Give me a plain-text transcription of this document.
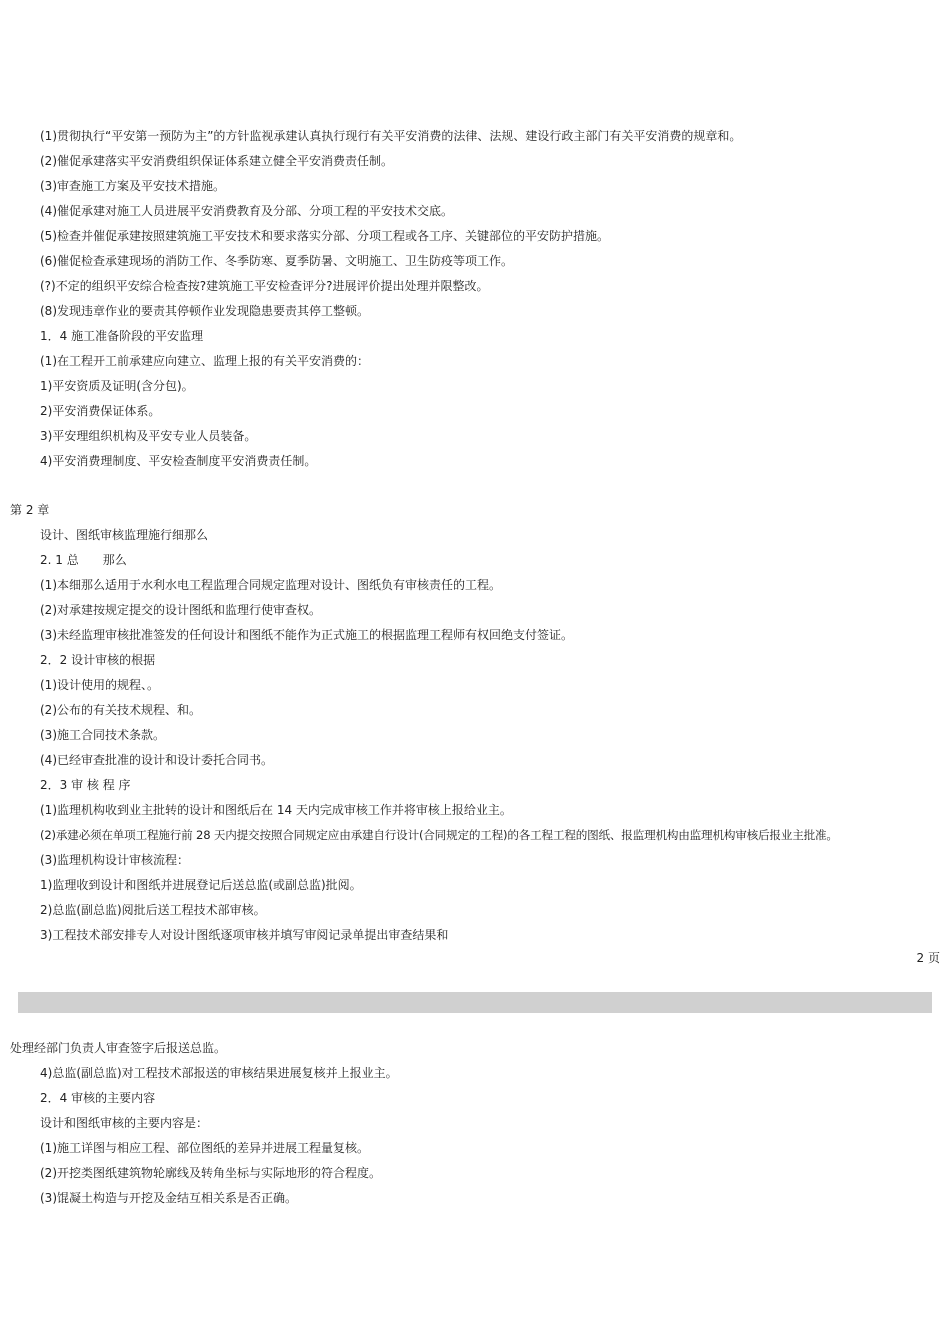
(1)贯彻执行“平安第一预防为主”的方针监视承建认真执行现行有关平安消费的法律、法规、建设行政主部门有关平安消费的规章和。
(2)催促承建落实平安消费组织保证体系建立健全平安消费责任制。
(3)审查施工方案及平安技术措施。
(4)催促承建对施工人员进展平安消费教育及分部、分项工程的平安技术交底。
(5)检查并催促承建按照建筑施工平安技术和要求落实分部、分项工程或各工序、关键部位的平安防护措施。
(6)催促检查承建现场的消防工作、冬季防寒、夏季防暑、文明施工、卫生防疫等项工作。
(?)不定的组织平安综合检查按?建筑施工平安检查评分?进展评价提出处理并限整改。
(8)发现违章作业的要责其停顿作业发现隐患要责其停工整顿。
1．4 施工准备阶段的平安监理
(1)在工程开工前承建应向建立、监理上报的有关平安消费的：
1)平安资质及证明(含分包)。
2)平安消费保证体系。
3)平安理组织机构及平安专业人员装备。
4)平安消费理制度、平安检查制度平安消费责任制。
第 2 章
设计、图纸审核监理施行细那么
2. 1 总　　那么
(1)本细那么适用于水利水电工程监理合同规定监理对设计、图纸负有审核责任的工程。
(2)对承建按规定提交的设计图纸和监理行使审查权。
(3)未经监理审核批准签发的任何设计和图纸不能作为正式施工的根据监理工程师有权回绝支付签证。
2．2 设计审核的根据
(1)设计使用的规程、。
(2)公布的有关技术规程、和。
(3)施工合同技术条款。
(4)已经审查批准的设计和设计委托合同书。
2．3 审 核 程 序
(1)监理机构收到业主批转的设计和图纸后在 14 天内完成审核工作并将审核上报给业主。
(2)承建必须在单项工程施行前 28 天内提交按照合同规定应由承建自行设计(合同规定的工程)的各工程工程的图纸、报监理机构由监理机构审核后报业主批准。
(3)监理机构设计审核流程：
1)监理收到设计和图纸并进展登记后送总监(或副总监)批阅。
2)总监(副总监)阅批后送工程技术部审核。
3)工程技术部安排专人对设计图纸逐项审核并填写审阅记录单提出审查结果和
2 页
处理经部门负责人审查签字后报送总监。
4)总监(副总监)对工程技术部报送的审核结果进展复核并上报业主。
2．4 审核的主要内容
设计和图纸审核的主要内容是：
(1)施工详图与相应工程、部位图纸的差异并进展工程量复核。
(2)开挖类图纸建筑物轮廓线及转角坐标与实际地形的符合程度。
(3)馄凝土构造与开挖及金结互相关系是否正确。
